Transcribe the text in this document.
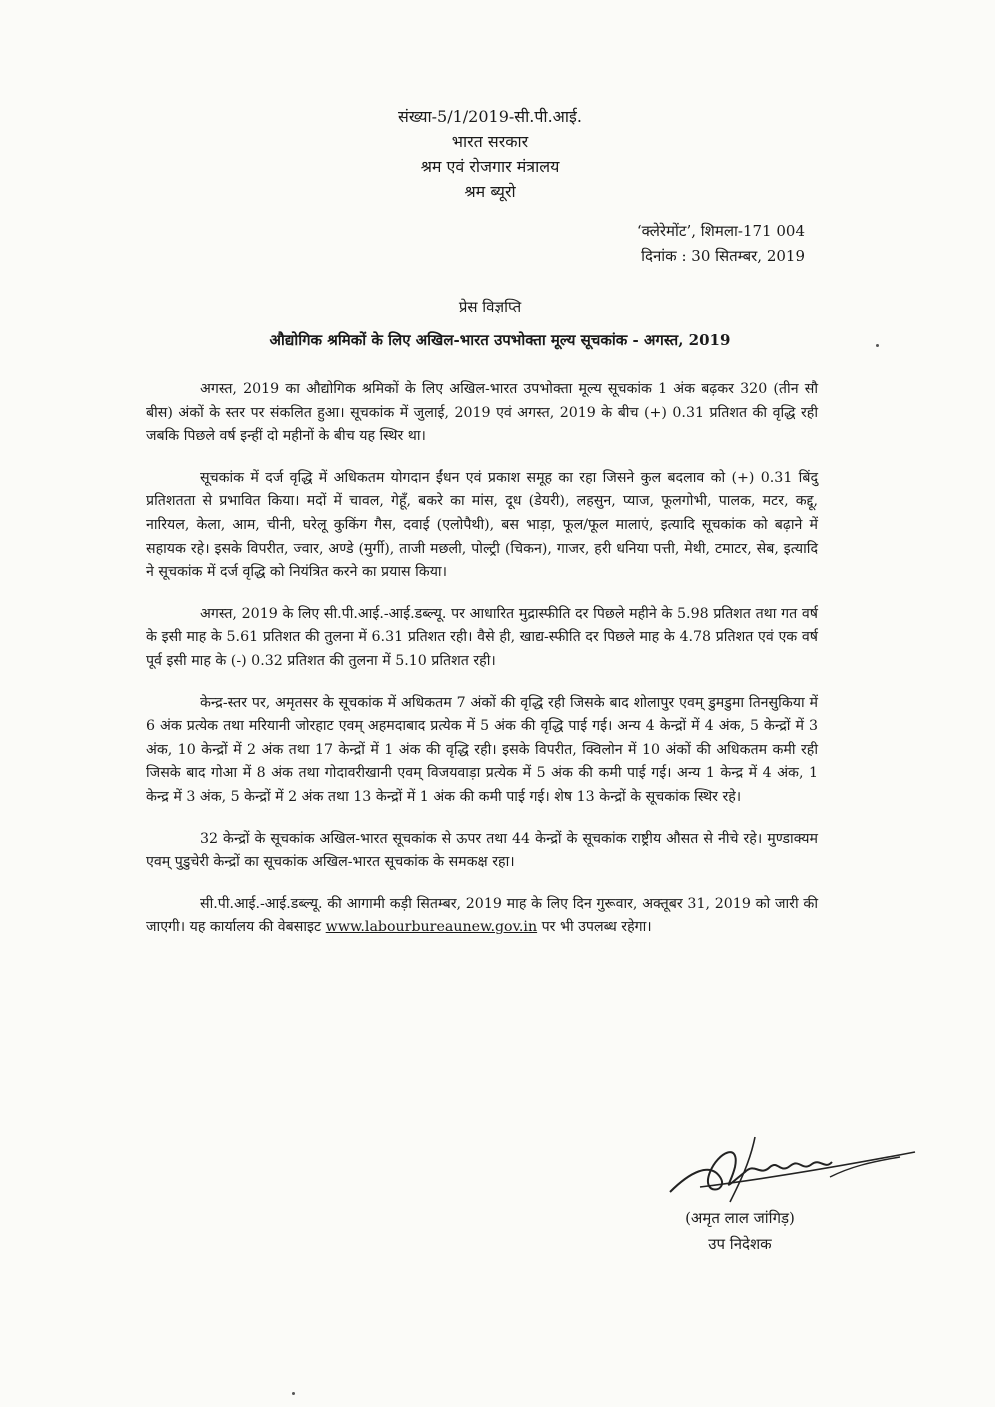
संख्या-5/1/2019-सी.पी.आई.
भारत सरकार
श्रम एवं रोजगार मंत्रालय
श्रम ब्यूरो
‘क्लेरेमोंट’, शिमला-171 004
दिनांक : 30 सितम्बर, 2019
प्रेस विज्ञप्ति
औद्योगिक श्रमिकों के लिए अखिल-भारत उपभोक्ता मूल्य सूचकांक - अगस्त, 2019

अगस्त, 2019 का औद्योगिक श्रमिकों के लिए अखिल-भारत उपभोक्ता मूल्य सूचकांक 1 अंक बढ़कर 320 (तीन सौ बीस) अंकों के स्तर पर संकलित हुआ। सूचकांक में जुलाई, 2019 एवं अगस्त, 2019 के बीच (+) 0.31 प्रतिशत की वृद्धि रही जबकि पिछले वर्ष इन्हीं दो महीनों के बीच यह स्थिर था।

सूचकांक में दर्ज वृद्धि में अधिकतम योगदान ईंधन एवं प्रकाश समूह का रहा जिसने कुल बदलाव को (+) 0.31 बिंदु प्रतिशतता से प्रभावित किया। मदों में चावल, गेहूँ, बकरे का मांस, दूध (डेयरी), लहसुन, प्याज, फूलगोभी, पालक, मटर, कद्दू, नारियल, केला, आम, चीनी, घरेलू कुकिंग गैस, दवाई (एलोपैथी), बस भाड़ा, फूल/फूल मालाएं, इत्यादि सूचकांक को बढ़ाने में सहायक रहे। इसके विपरीत, ज्वार, अण्डे (मुर्गी), ताजी मछली, पोल्ट्री (चिकन), गाजर, हरी धनिया पत्ती, मेथी, टमाटर, सेब, इत्यादि ने सूचकांक में दर्ज वृद्धि को नियंत्रित करने का प्रयास किया।

अगस्त, 2019 के लिए सी.पी.आई.-आई.डब्ल्यू. पर आधारित मुद्रास्फीति दर पिछले महीने के 5.98 प्रतिशत तथा गत वर्ष के इसी माह के 5.61 प्रतिशत की तुलना में 6.31 प्रतिशत रही। वैसे ही, खाद्य-स्फीति दर पिछले माह के 4.78 प्रतिशत एवं एक वर्ष पूर्व इसी माह के (-) 0.32 प्रतिशत की तुलना में 5.10 प्रतिशत रही।

केन्द्र-स्तर पर, अमृतसर के सूचकांक में अधिकतम 7 अंकों की वृद्धि रही जिसके बाद शोलापुर एवम् डुमडुमा तिनसुकिया में 6 अंक प्रत्येक तथा मरियानी जोरहाट एवम् अहमदाबाद प्रत्येक में 5 अंक की वृद्धि पाई गई। अन्य 4 केन्द्रों में 4 अंक, 5 केन्द्रों में 3 अंक, 10 केन्द्रों में 2 अंक तथा 17 केन्द्रों में 1 अंक की वृद्धि रही। इसके विपरीत, क्विलोन में 10 अंकों की अधिकतम कमी रही जिसके बाद गोआ में 8 अंक तथा गोदावरीखानी एवम् विजयवाड़ा प्रत्येक में 5 अंक की कमी पाई गई। अन्य 1 केन्द्र में 4 अंक, 1 केन्द्र में 3 अंक, 5 केन्द्रों में 2 अंक तथा 13 केन्द्रों में 1 अंक की कमी पाई गई। शेष 13 केन्द्रों के सूचकांक स्थिर रहे।

32 केन्द्रों के सूचकांक अखिल-भारत सूचकांक से ऊपर तथा 44 केन्द्रों के सूचकांक राष्ट्रीय औसत से नीचे रहे। मुण्डाक्यम एवम् पुडुचेरी केन्द्रों का सूचकांक अखिल-भारत सूचकांक के समकक्ष रहा।

सी.पी.आई.-आई.डब्ल्यू. की आगामी कड़ी सितम्बर, 2019 माह के लिए दिन गुरूवार, अक्तूबर 31, 2019 को जारी की जाएगी। यह कार्यालय की वेबसाइट www.labourbureaunew.gov.in पर भी उपलब्ध रहेगा।

(अमृत लाल जांगिड़)
उप निदेशक
